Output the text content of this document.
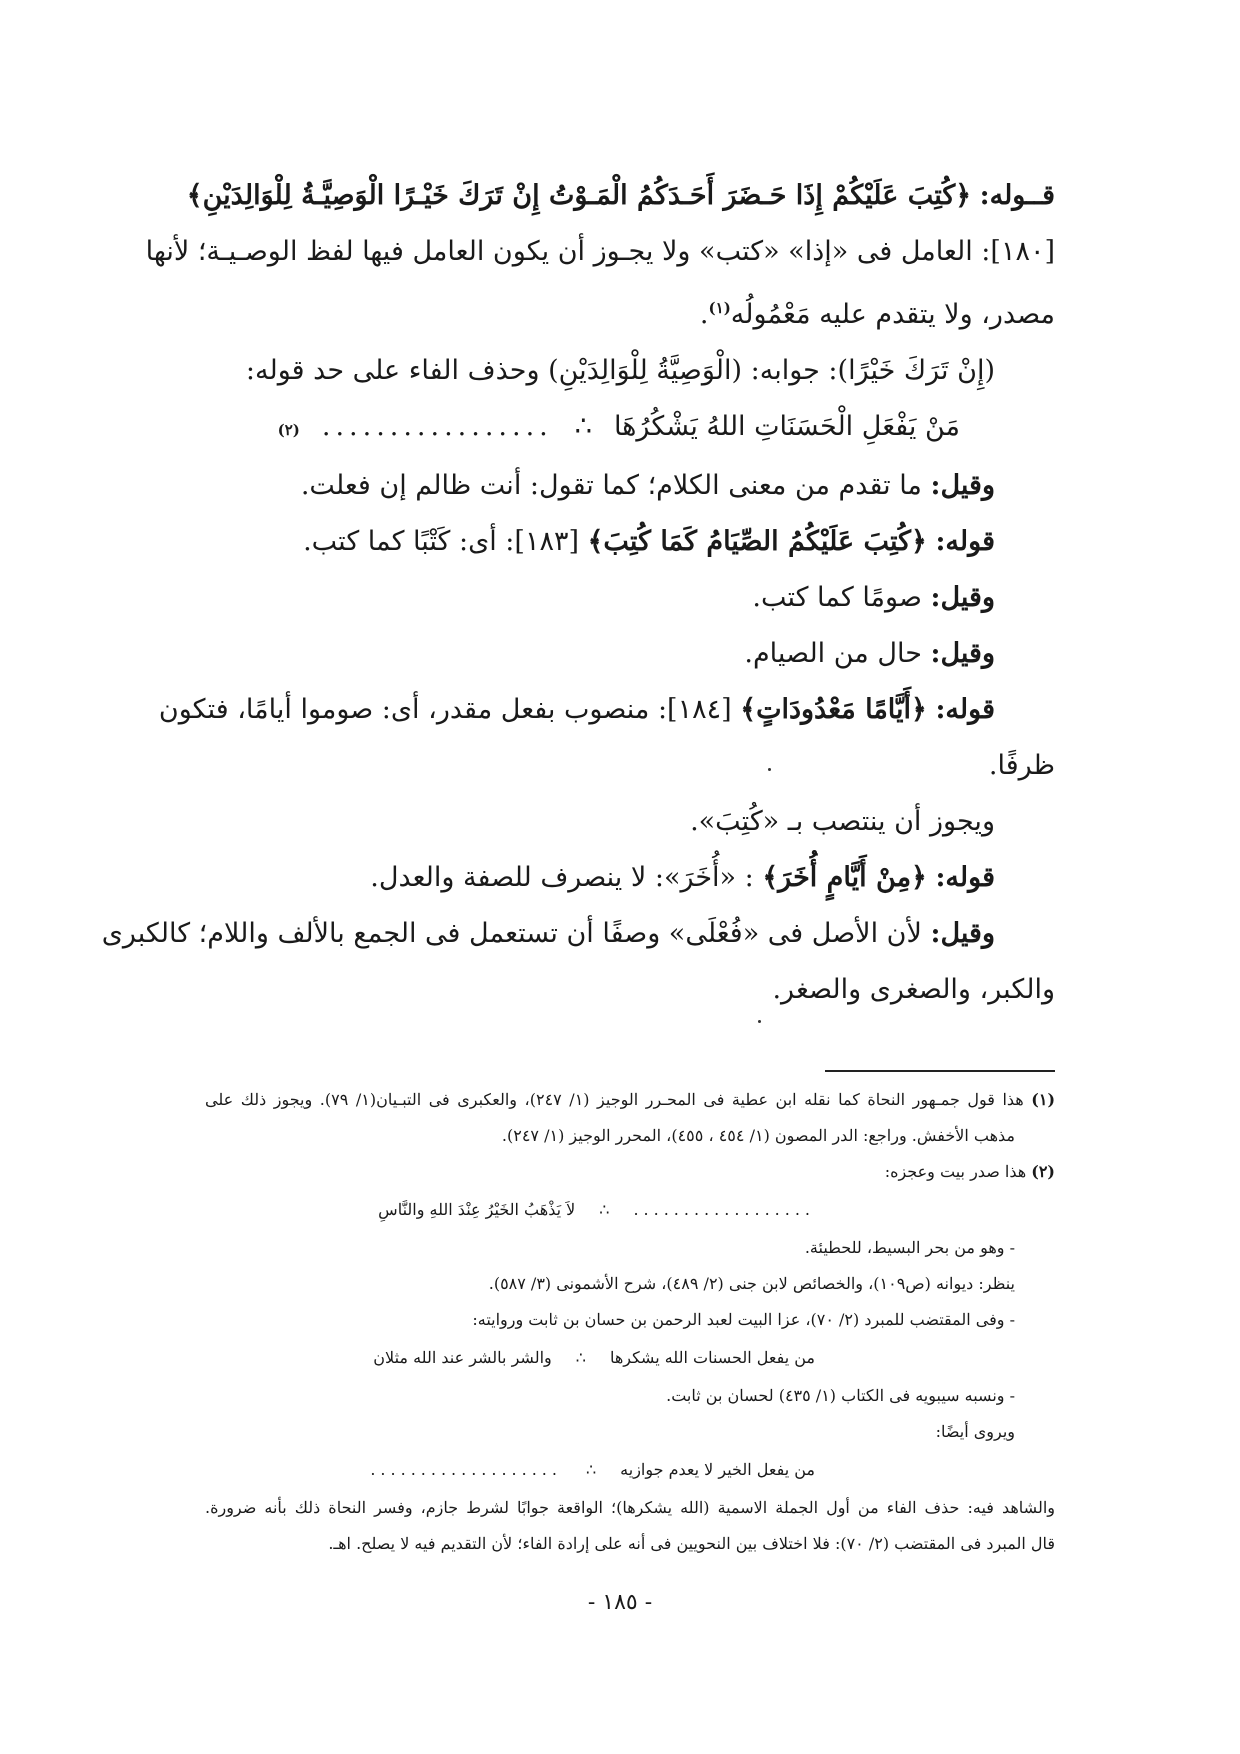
قــوله: ﴿كُتِبَ عَلَيْكُمْ إِذَا حَـضَرَ أَحَـدَكُمُ الْمَـوْتُ إِنْ تَرَكَ خَيْـرًا الْوَصِيَّـةُ لِلْوَالِدَيْنِ﴾
[١٨٠]: العامل فى «إذا» «كتب» ولا يجـوز أن يكون العامل فيها لفظ الوصـيـة؛ لأنها
مصدر، ولا يتقدم عليه مَعْمُولُه$^{(١)}$.
(إِنْ تَرَكَ خَيْرًا): جوابه: (الْوَصِيَّةُ لِلْوَالِدَيْنِ) وحذف الفاء على حد قوله:
مَنْ يَفْعَلِ الْحَسَنَاتِ اللهُ يَشْكُرُهَا
∴
.................
(٢)
وقيل: ما تقدم من معنى الكلام؛ كما تقول: أنت ظالم إن فعلت.
قوله: ﴿كُتِبَ عَلَيْكُمُ الصِّيَامُ كَمَا كُتِبَ﴾ [١٨٣]: أى: كَتْبًا كما كتب.
وقيل: صومًا كما كتب.
وقيل: حال من الصيام.
قوله: ﴿أَيَّامًا مَعْدُودَاتٍ﴾ [١٨٤]: منصوب بفعل مقدر، أى: صوموا أيامًا، فتكون
ظرفًا.
ويجوز أن ينتصب بـ «كُتِبَ».
قوله: ﴿مِنْ أَيَّامٍ أُخَرَ﴾ : «أُخَرَ»: لا ينصرف للصفة والعدل.
وقيل: لأن الأصل فى «فُعْلَى» وصفًا أن تستعمل فى الجمع بالألف واللام؛ كالكبرى
والكبر، والصغرى والصغر.
(١) هذا قول جمـهور النحاة كما نقله ابن عطية فى المحـرر الوجيز (١/ ٢٤٧)، والعكبرى فى التبـيان(١/ ٧٩). ويجوز ذلك على
مذهب الأخفش. وراجع: الدر المصون (١/ ٤٥٤ ، ٤٥٥)، المحرر الوجيز (١/ ٢٤٧).
(٢) هذا صدر بيت وعجزه:
..................
∴
لاَ يَذْهَبُ الخَيْرُ عِنْدَ اللهِ والنَّاسِ
- وهو من بحر البسيط، للحطيئة.
ينظر: ديوانه (ص١٠٩)، والخصائص لابن جنى (٢/ ٤٨٩)، شرح الأشمونى (٣/ ٥٨٧).
- وفى المقتضب للمبرد (٢/ ٧٠)، عزا البيت لعبد الرحمن بن حسان بن ثابت وروايته:
من يفعل الحسنات الله يشكرها
∴
والشر بالشر عند الله مثلان
- ونسبه سيبويه فى الكتاب (١/ ٤٣٥) لحسان بن ثابت.
ويروى أيضًا:
من يفعل الخير لا يعدم جوازيه
∴
...................
والشاهد فيه: حذف الفاء من أول الجملة الاسمية (الله يشكرها)؛ الواقعة جوابًا لشرط جازم، وفسر النحاة ذلك بأنه ضرورة.
قال المبرد فى المقتضب (٢/ ٧٠): فلا اختلاف بين النحويين فى أنه على إرادة الفاء؛ لأن التقديم فيه لا يصلح. اهـ.
- ١٨٥ -
